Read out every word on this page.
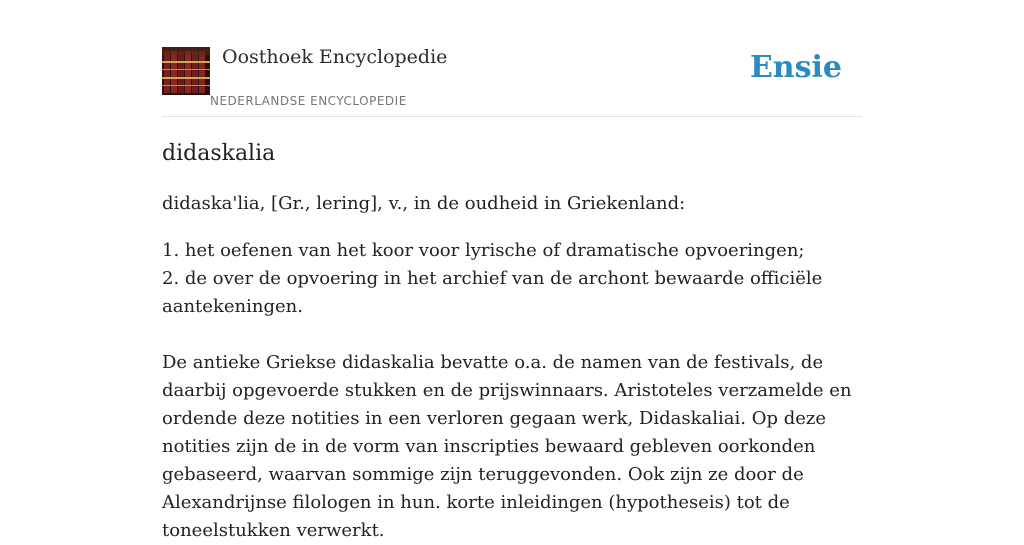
Oosthoek Encyclopedie
NEDERLANDSE ENCYCLOPEDIE
Ensie
didaskalia

didaska'lia, [Gr., lering], v., in de oudheid in Griekenland:

1. het oefenen van het koor voor lyrische of dramatische opvoeringen;
2. de over de opvoering in het archief van de archont bewaarde officiële aantekeningen.

De antieke Griekse didaskalia bevatte o.a. de namen van de festivals, de daarbij opgevoerde stukken en de prijswinnaars. Aristoteles verzamelde en ordende deze notities in een verloren gegaan werk, Didaskaliai. Op deze notities zijn de in de vorm van inscripties bewaard gebleven oorkonden gebaseerd, waarvan sommige zijn teruggevonden. Ook zijn ze door de Alexandrijnse filologen in hun. korte inleidingen (hypotheseis) tot de toneelstukken verwerkt.
